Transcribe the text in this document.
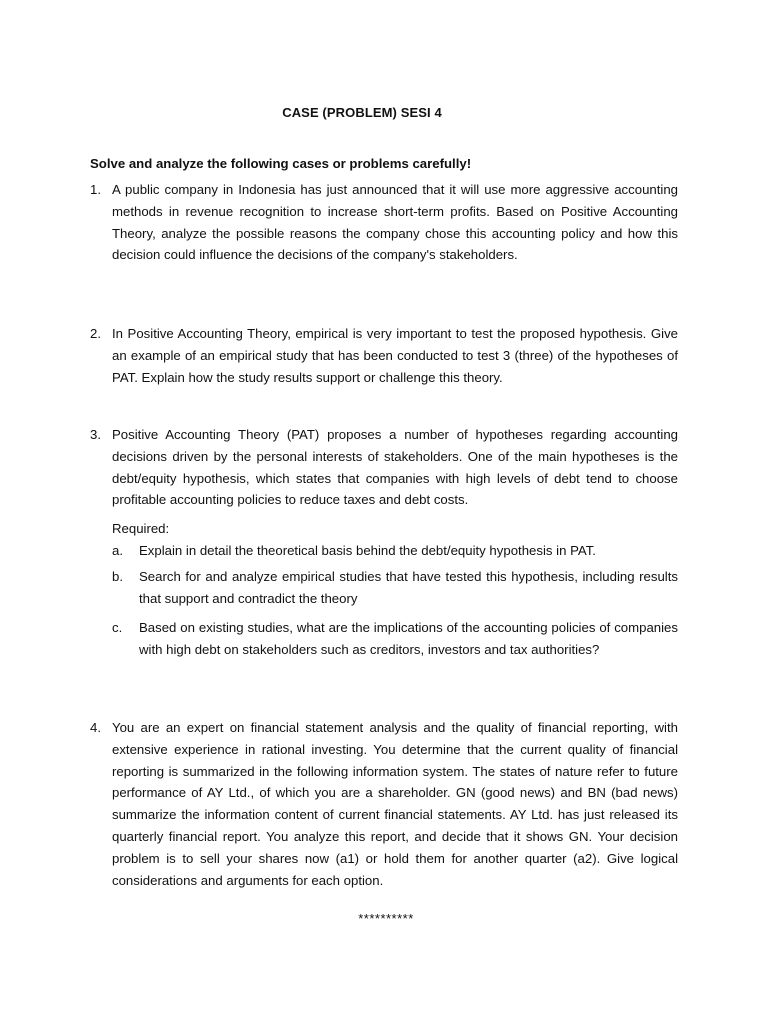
CASE (PROBLEM) SESI 4
Solve and analyze the following cases or problems carefully!
1. A public company in Indonesia has just announced that it will use more aggressive accounting methods in revenue recognition to increase short-term profits. Based on Positive Accounting Theory, analyze the possible reasons the company chose this accounting policy and how this decision could influence the decisions of the company's stakeholders.
2. In Positive Accounting Theory, empirical is very important to test the proposed hypothesis. Give an example of an empirical study that has been conducted to test 3 (three) of the hypotheses of PAT. Explain how the study results support or challenge this theory.
3. Positive Accounting Theory (PAT) proposes a number of hypotheses regarding accounting decisions driven by the personal interests of stakeholders. One of the main hypotheses is the debt/equity hypothesis, which states that companies with high levels of debt tend to choose profitable accounting policies to reduce taxes and debt costs.
Required:
a. Explain in detail the theoretical basis behind the debt/equity hypothesis in PAT.
b. Search for and analyze empirical studies that have tested this hypothesis, including results that support and contradict the theory
c. Based on existing studies, what are the implications of the accounting policies of companies with high debt on stakeholders such as creditors, investors and tax authorities?
4. You are an expert on financial statement analysis and the quality of financial reporting, with extensive experience in rational investing. You determine that the current quality of financial reporting is summarized in the following information system. The states of nature refer to future performance of AY Ltd., of which you are a shareholder. GN (good news) and BN (bad news) summarize the information content of current financial statements. AY Ltd. has just released its quarterly financial report. You analyze this report, and decide that it shows GN. Your decision problem is to sell your shares now (a1) or hold them for another quarter (a2). Give logical considerations and arguments for each option.
**********
